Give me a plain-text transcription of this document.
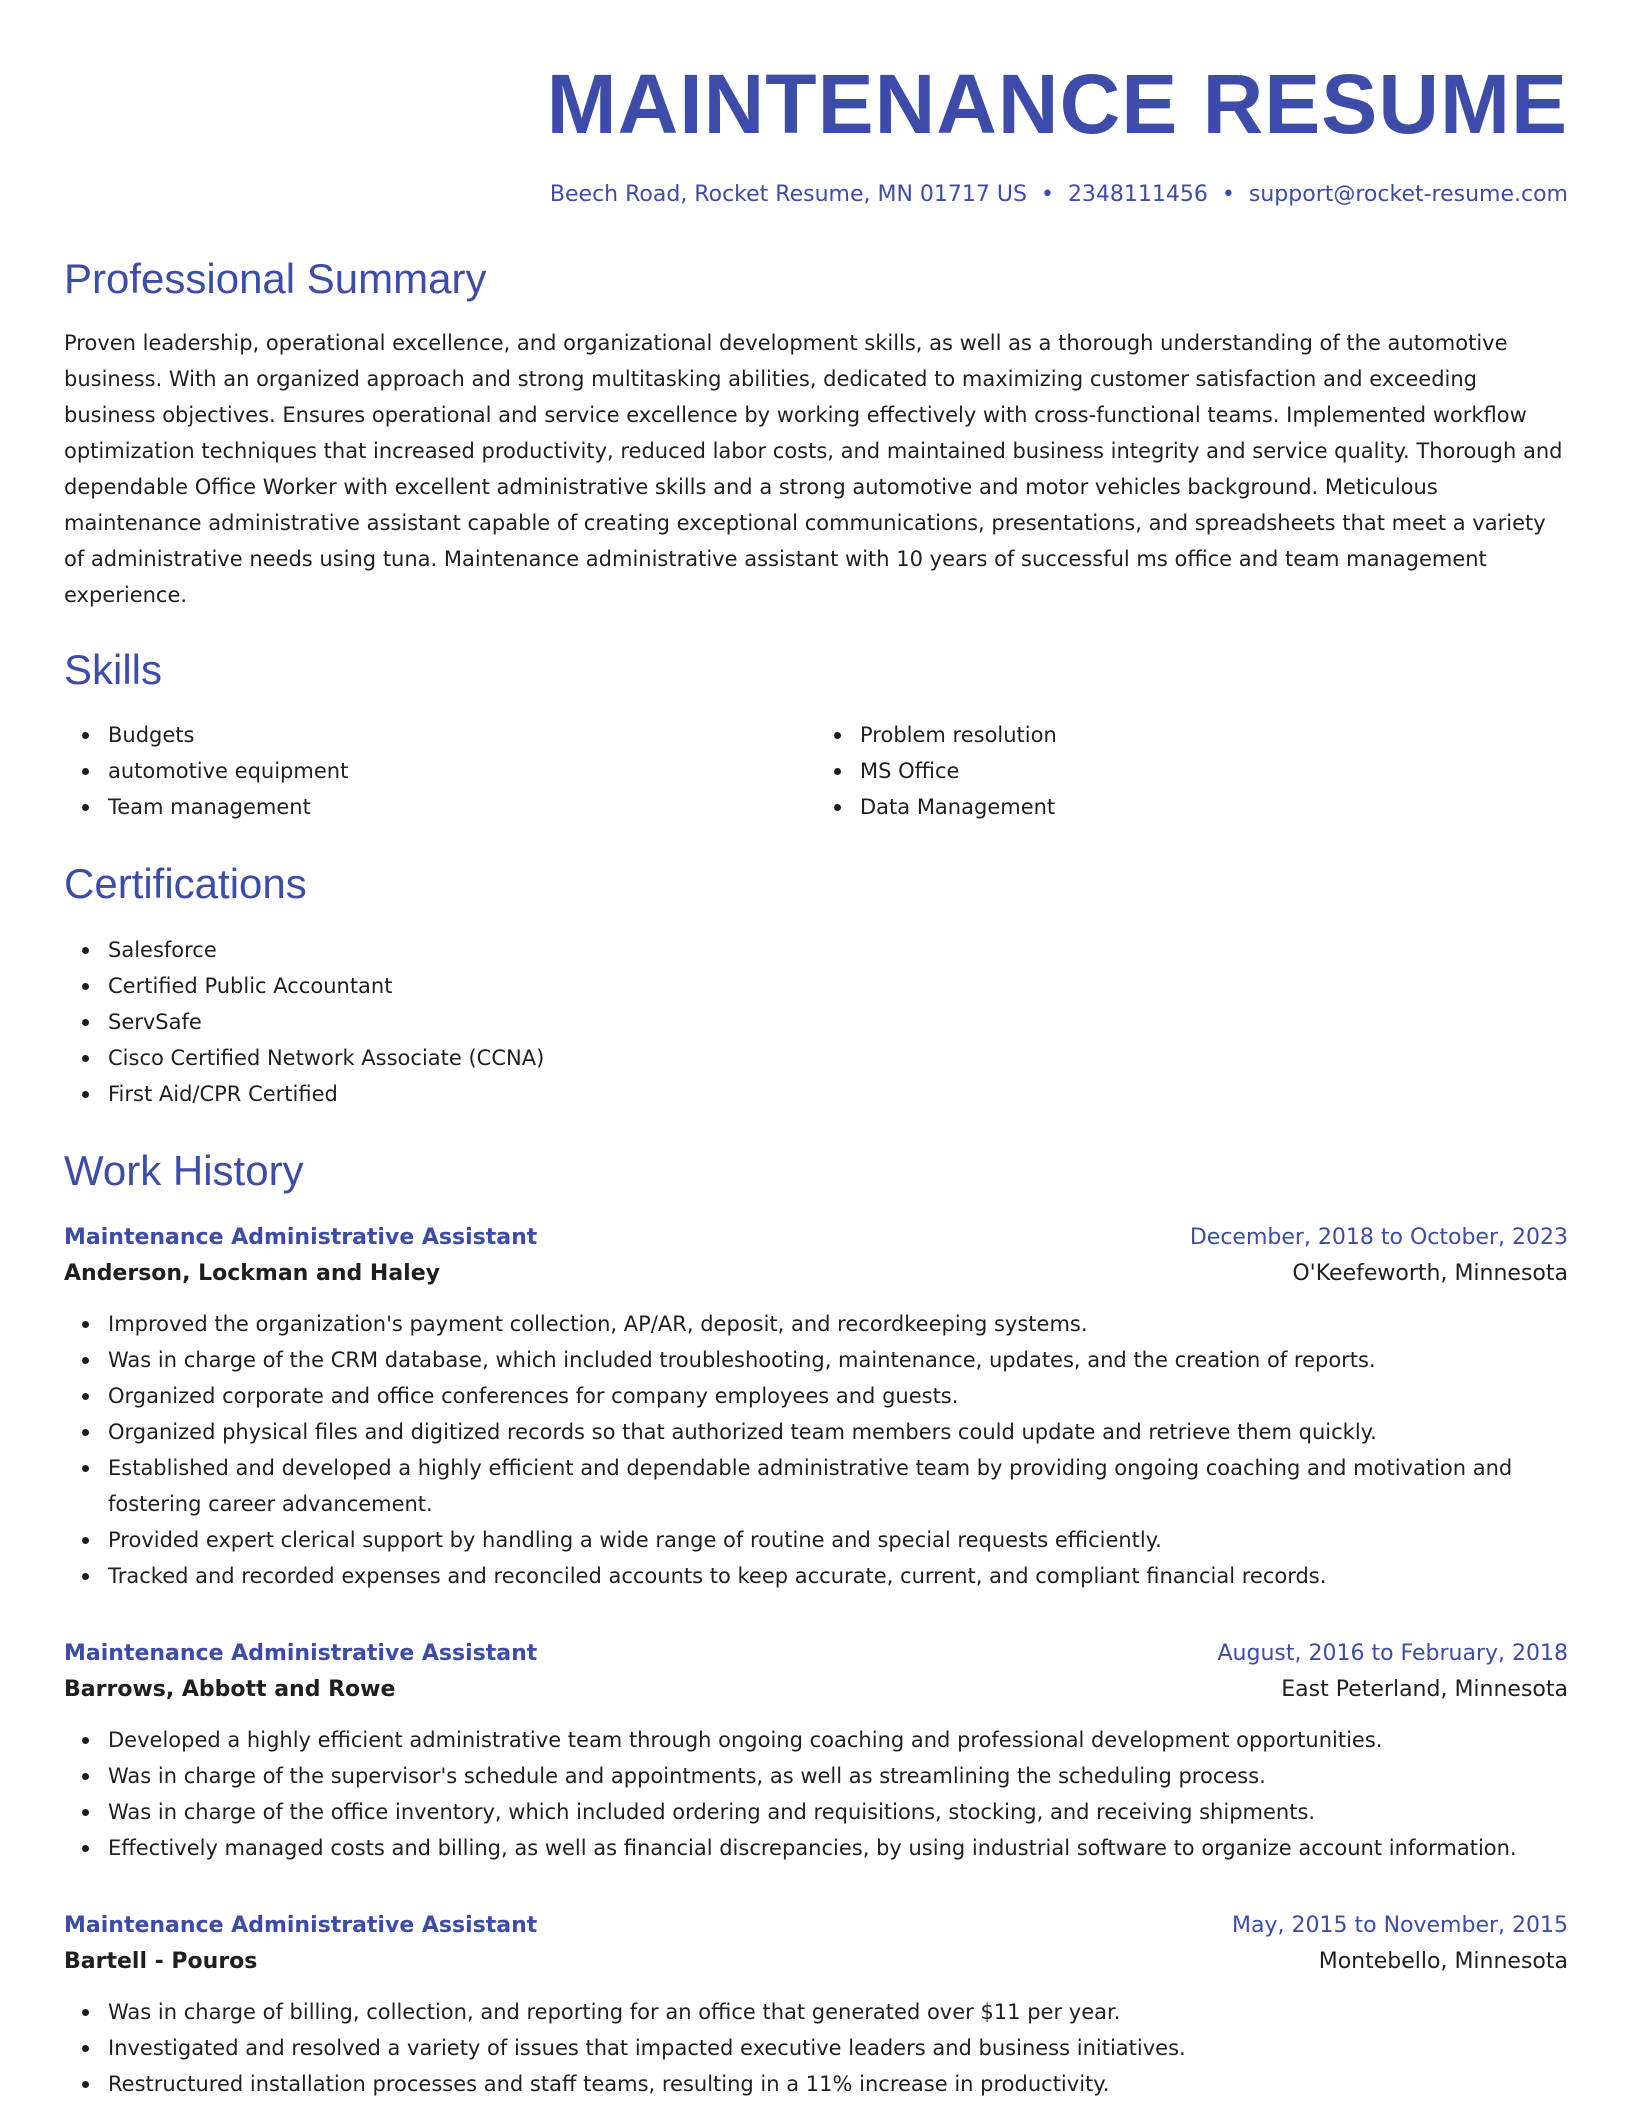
MAINTENANCE RESUME
Beech Road, Rocket Resume, MN 01717 US • 2348111456 • support@rocket-resume.com
Professional Summary

Proven leadership, operational excellence, and organizational development skills, as well as a thorough understanding of the automotive business. With an organized approach and strong multitasking abilities, dedicated to maximizing customer satisfaction and exceeding business objectives. Ensures operational and service excellence by working effectively with cross-functional teams. Implemented workflow optimization techniques that increased productivity, reduced labor costs, and maintained business integrity and service quality. Thorough and dependable Office Worker with excellent administrative skills and a strong automotive and motor vehicles background. Meticulous maintenance administrative assistant capable of creating exceptional communications, presentations, and spreadsheets that meet a variety of administrative needs using tuna. Maintenance administrative assistant with 10 years of successful ms office and team management experience.

Skills
Budgets
automotive equipment
Team management
Problem resolution
MS Office
Data Management
Certifications
Salesforce
Certified Public Accountant
ServSafe
Cisco Certified Network Associate (CCNA)
First Aid/CPR Certified
Work History
Maintenance Administrative Assistant	December, 2018 to October, 2023
Anderson, Lockman and Haley	O'Keefeworth, Minnesota
Improved the organization's payment collection, AP/AR, deposit, and recordkeeping systems.
Was in charge of the CRM database, which included troubleshooting, maintenance, updates, and the creation of reports.
Organized corporate and office conferences for company employees and guests.
Organized physical files and digitized records so that authorized team members could update and retrieve them quickly.
Established and developed a highly efficient and dependable administrative team by providing ongoing coaching and motivation and fostering career advancement.
Provided expert clerical support by handling a wide range of routine and special requests efficiently.
Tracked and recorded expenses and reconciled accounts to keep accurate, current, and compliant financial records.
Maintenance Administrative Assistant	August, 2016 to February, 2018
Barrows, Abbott and Rowe	East Peterland, Minnesota
Developed a highly efficient administrative team through ongoing coaching and professional development opportunities.
Was in charge of the supervisor's schedule and appointments, as well as streamlining the scheduling process.
Was in charge of the office inventory, which included ordering and requisitions, stocking, and receiving shipments.
Effectively managed costs and billing, as well as financial discrepancies, by using industrial software to organize account information.
Maintenance Administrative Assistant	May, 2015 to November, 2015
Bartell - Pouros	Montebello, Minnesota
Was in charge of billing, collection, and reporting for an office that generated over $11 per year.
Investigated and resolved a variety of issues that impacted executive leaders and business initiatives.
Restructured installation processes and staff teams, resulting in a 11% increase in productivity.
